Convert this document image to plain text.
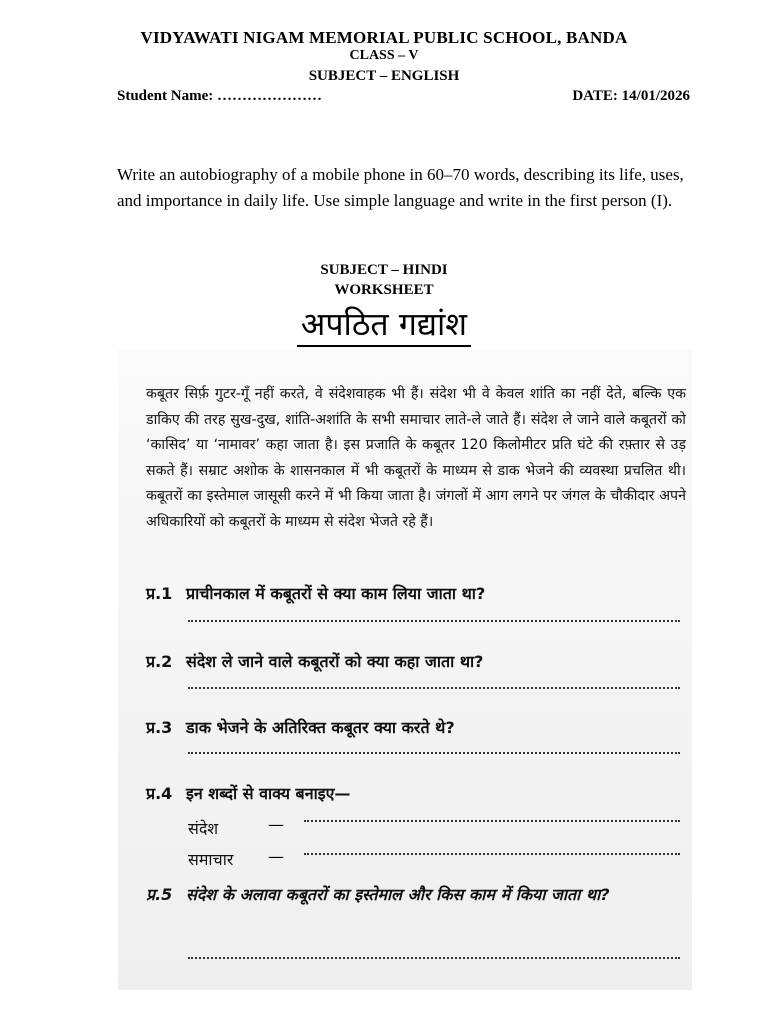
VIDYAWATI NIGAM MEMORIAL PUBLIC SCHOOL, BANDA
CLASS – V
SUBJECT – ENGLISH
Student Name: …………………	DATE: 14/01/2026
Write an autobiography of a mobile phone in 60–70 words, describing its life, uses, and importance in daily life. Use simple language and write in the first person (I).
SUBJECT – HINDI
WORKSHEET
अपठित गद्यांश
कबूतर सिर्फ़ गुटर-गूँ नहीं करते, वे संदेशवाहक भी हैं। संदेश भी वे केवल शांति का नहीं देते, बल्कि एक डाकिए की तरह सुख-दुख, शांति-अशांति के सभी समाचार लाते-ले जाते हैं। संदेश ले जाने वाले कबूतरों को ‘कासिद’ या ‘नामावर’ कहा जाता है। इस प्रजाति के कबूतर 120 किलोमीटर प्रति घंटे की रफ़्तार से उड़ सकते हैं। सम्राट अशोक के शासनकाल में भी कबूतरों के माध्यम से डाक भेजने की व्यवस्था प्रचलित थी। कबूतरों का इस्तेमाल जासूसी करने में भी किया जाता है। जंगलों में आग लगने पर जंगल के चौकीदार अपने अधिकारियों को कबूतरों के माध्यम से संदेश भेजते रहे हैं।
प्र.1 प्राचीनकाल में कबूतरों से क्या काम लिया जाता था?
प्र.2 संदेश ले जाने वाले कबूतरों को क्या कहा जाता था?
प्र.3 डाक भेजने के अतिरिक्त कबूतर क्या करते थे?
प्र.4 इन शब्दों से वाक्य बनाइए—
संदेश	—
समाचार —
प्र.5 संदेश के अलावा कबूतरों का इस्तेमाल और किस काम में किया जाता था?
